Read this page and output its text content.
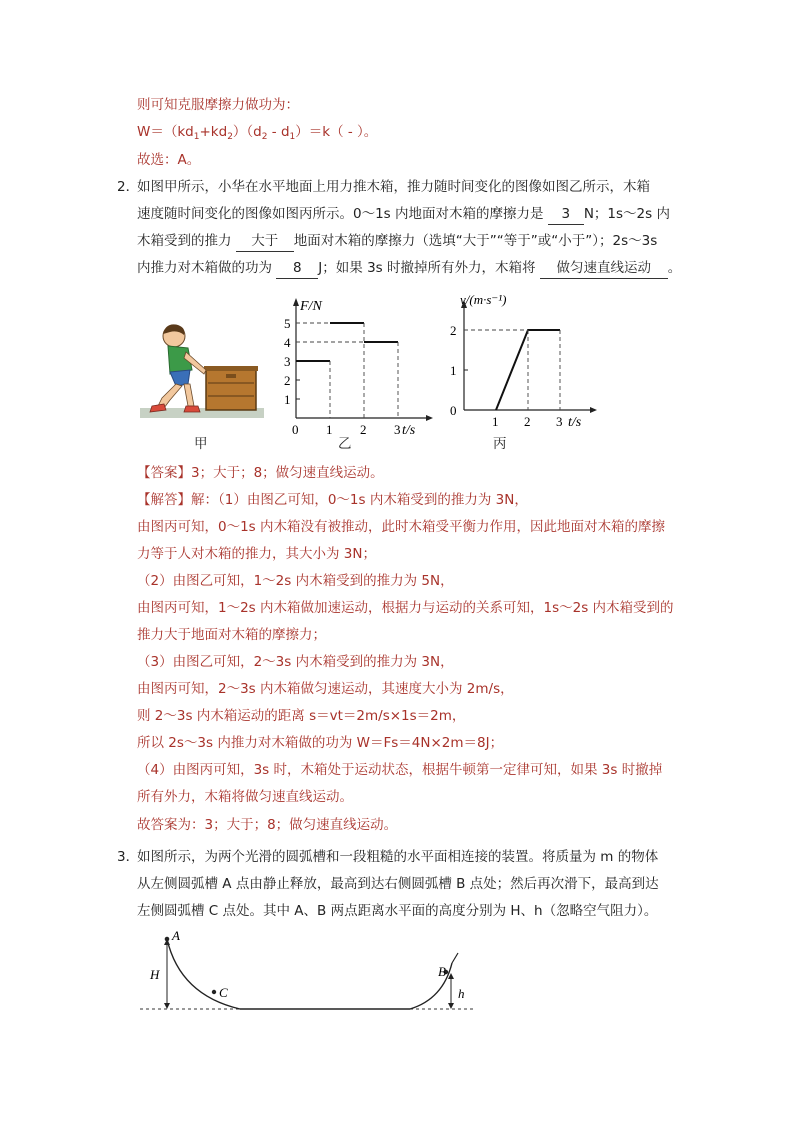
则可知克服摩擦力做功为：
$W=(kd_1+kd_2)(d_2 - d_1)=k$（ - ）。
故选：A。
2．
如图甲所示，小华在水平地面上用力推木箱，推力随时间变化的图像如图乙所示，木箱
速度随时间变化的图像如图丙所示。0～1s 内地面对木箱的摩擦力是 3 N；1s～2s 内
木箱受到的推力 大于 地面对木箱的摩擦力（选填“大于”“等于”或“小于”）；2s～3s
内推力对木箱做的功为 8 J；如果 3s 时撤掉所有外力，木箱将 做匀速直线运动 。
甲
1
2
3
4
5
0 1 2 3
F/N
t/s
乙
0
1
2
1 2 3
v/(m·s⁻¹)
t/s
丙
【答案】3；大于；8；做匀速直线运动。
【解答】解：（1）由图乙可知，0～1s 内木箱受到的推力为 3N，
由图丙可知，0～1s 内木箱没有被推动，此时木箱受平衡力作用，因此地面对木箱的摩擦
力等于人对木箱的推力，其大小为 3N；
（2）由图乙可知，1～2s 内木箱受到的推力为 5N，
由图丙可知，1～2s 内木箱做加速运动，根据力与运动的关系可知，1s～2s 内木箱受到的
推力大于地面对木箱的摩擦力；
（3）由图乙可知，2～3s 内木箱受到的推力为 3N，
由图丙可知，2～3s 内木箱做匀速运动，其速度大小为 2m/s，
则 2～3s 内木箱运动的距离 s＝vt＝2m/s×1s＝2m，
所以 2s～3s 内推力对木箱做的功为 W＝Fs＝4N×2m＝8J；
（4）由图丙可知，3s 时，木箱处于运动状态，根据牛顿第一定律可知，如果 3s 时撤掉
所有外力，木箱将做匀速直线运动。
故答案为：3；大于；8；做匀速直线运动。
3．
如图所示，为两个光滑的圆弧槽和一段粗糙的水平面相连接的装置。将质量为 m 的物体
从左侧圆弧槽 A 点由静止释放，最高到达右侧圆弧槽 B 点处；然后再次滑下，最高到达
左侧圆弧槽 C 点处。其中 A、B 两点距离水平面的高度分别为 H、h（忽略空气阻力）。
A
C
B
H
h
